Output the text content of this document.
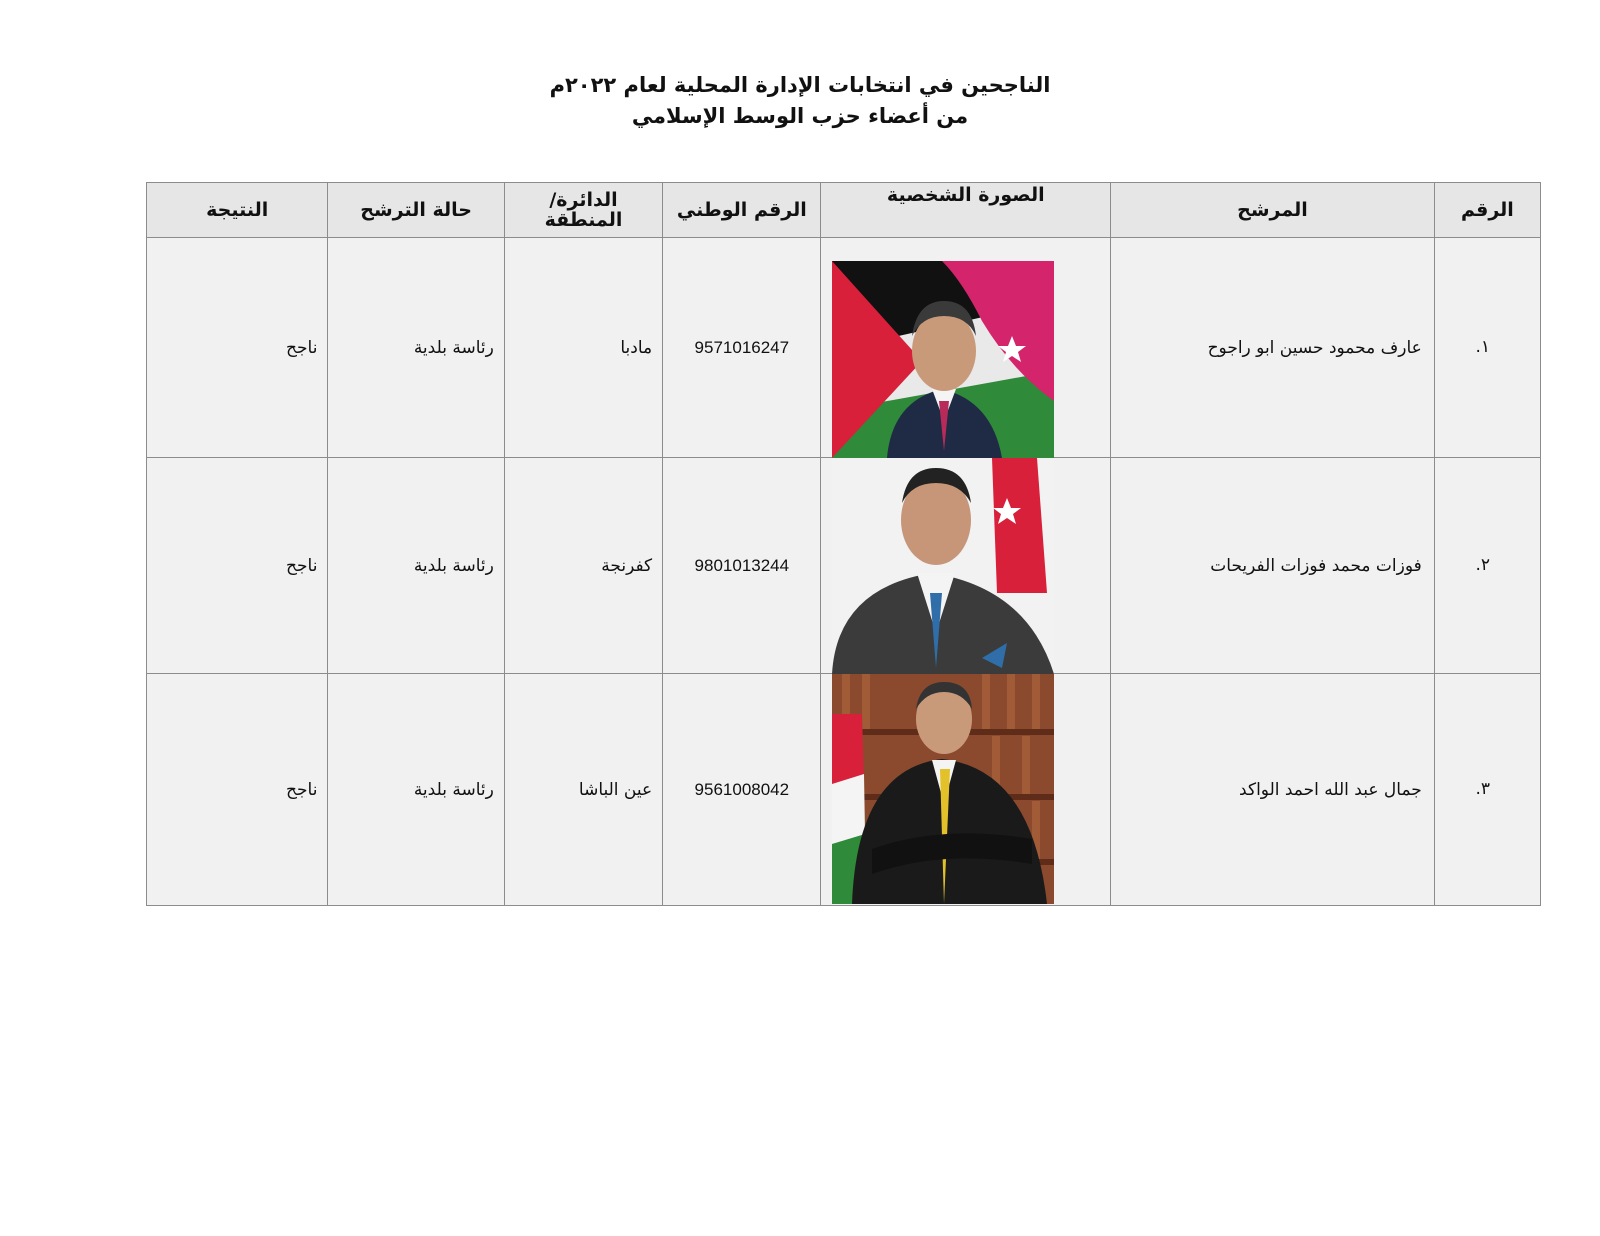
الناجحين في انتخابات الإدارة المحلية لعام ٢٠٢٢م
من أعضاء حزب الوسط الإسلامي
الرقم	المرشح	الصورة الشخصية	الرقم الوطني	الدائرة/ المنطقة	حالة الترشح	النتيجة
١.	عارف محمود حسين ابو راجوح		9571016247	مادبا	رئاسة بلدية	ناجح
٢.	فوزات محمد فوزات الفريحات		9801013244	كفرنجة	رئاسة بلدية	ناجح
٣.	جمال عبد الله احمد الواكد		9561008042	عين الباشا	رئاسة بلدية	ناجح
